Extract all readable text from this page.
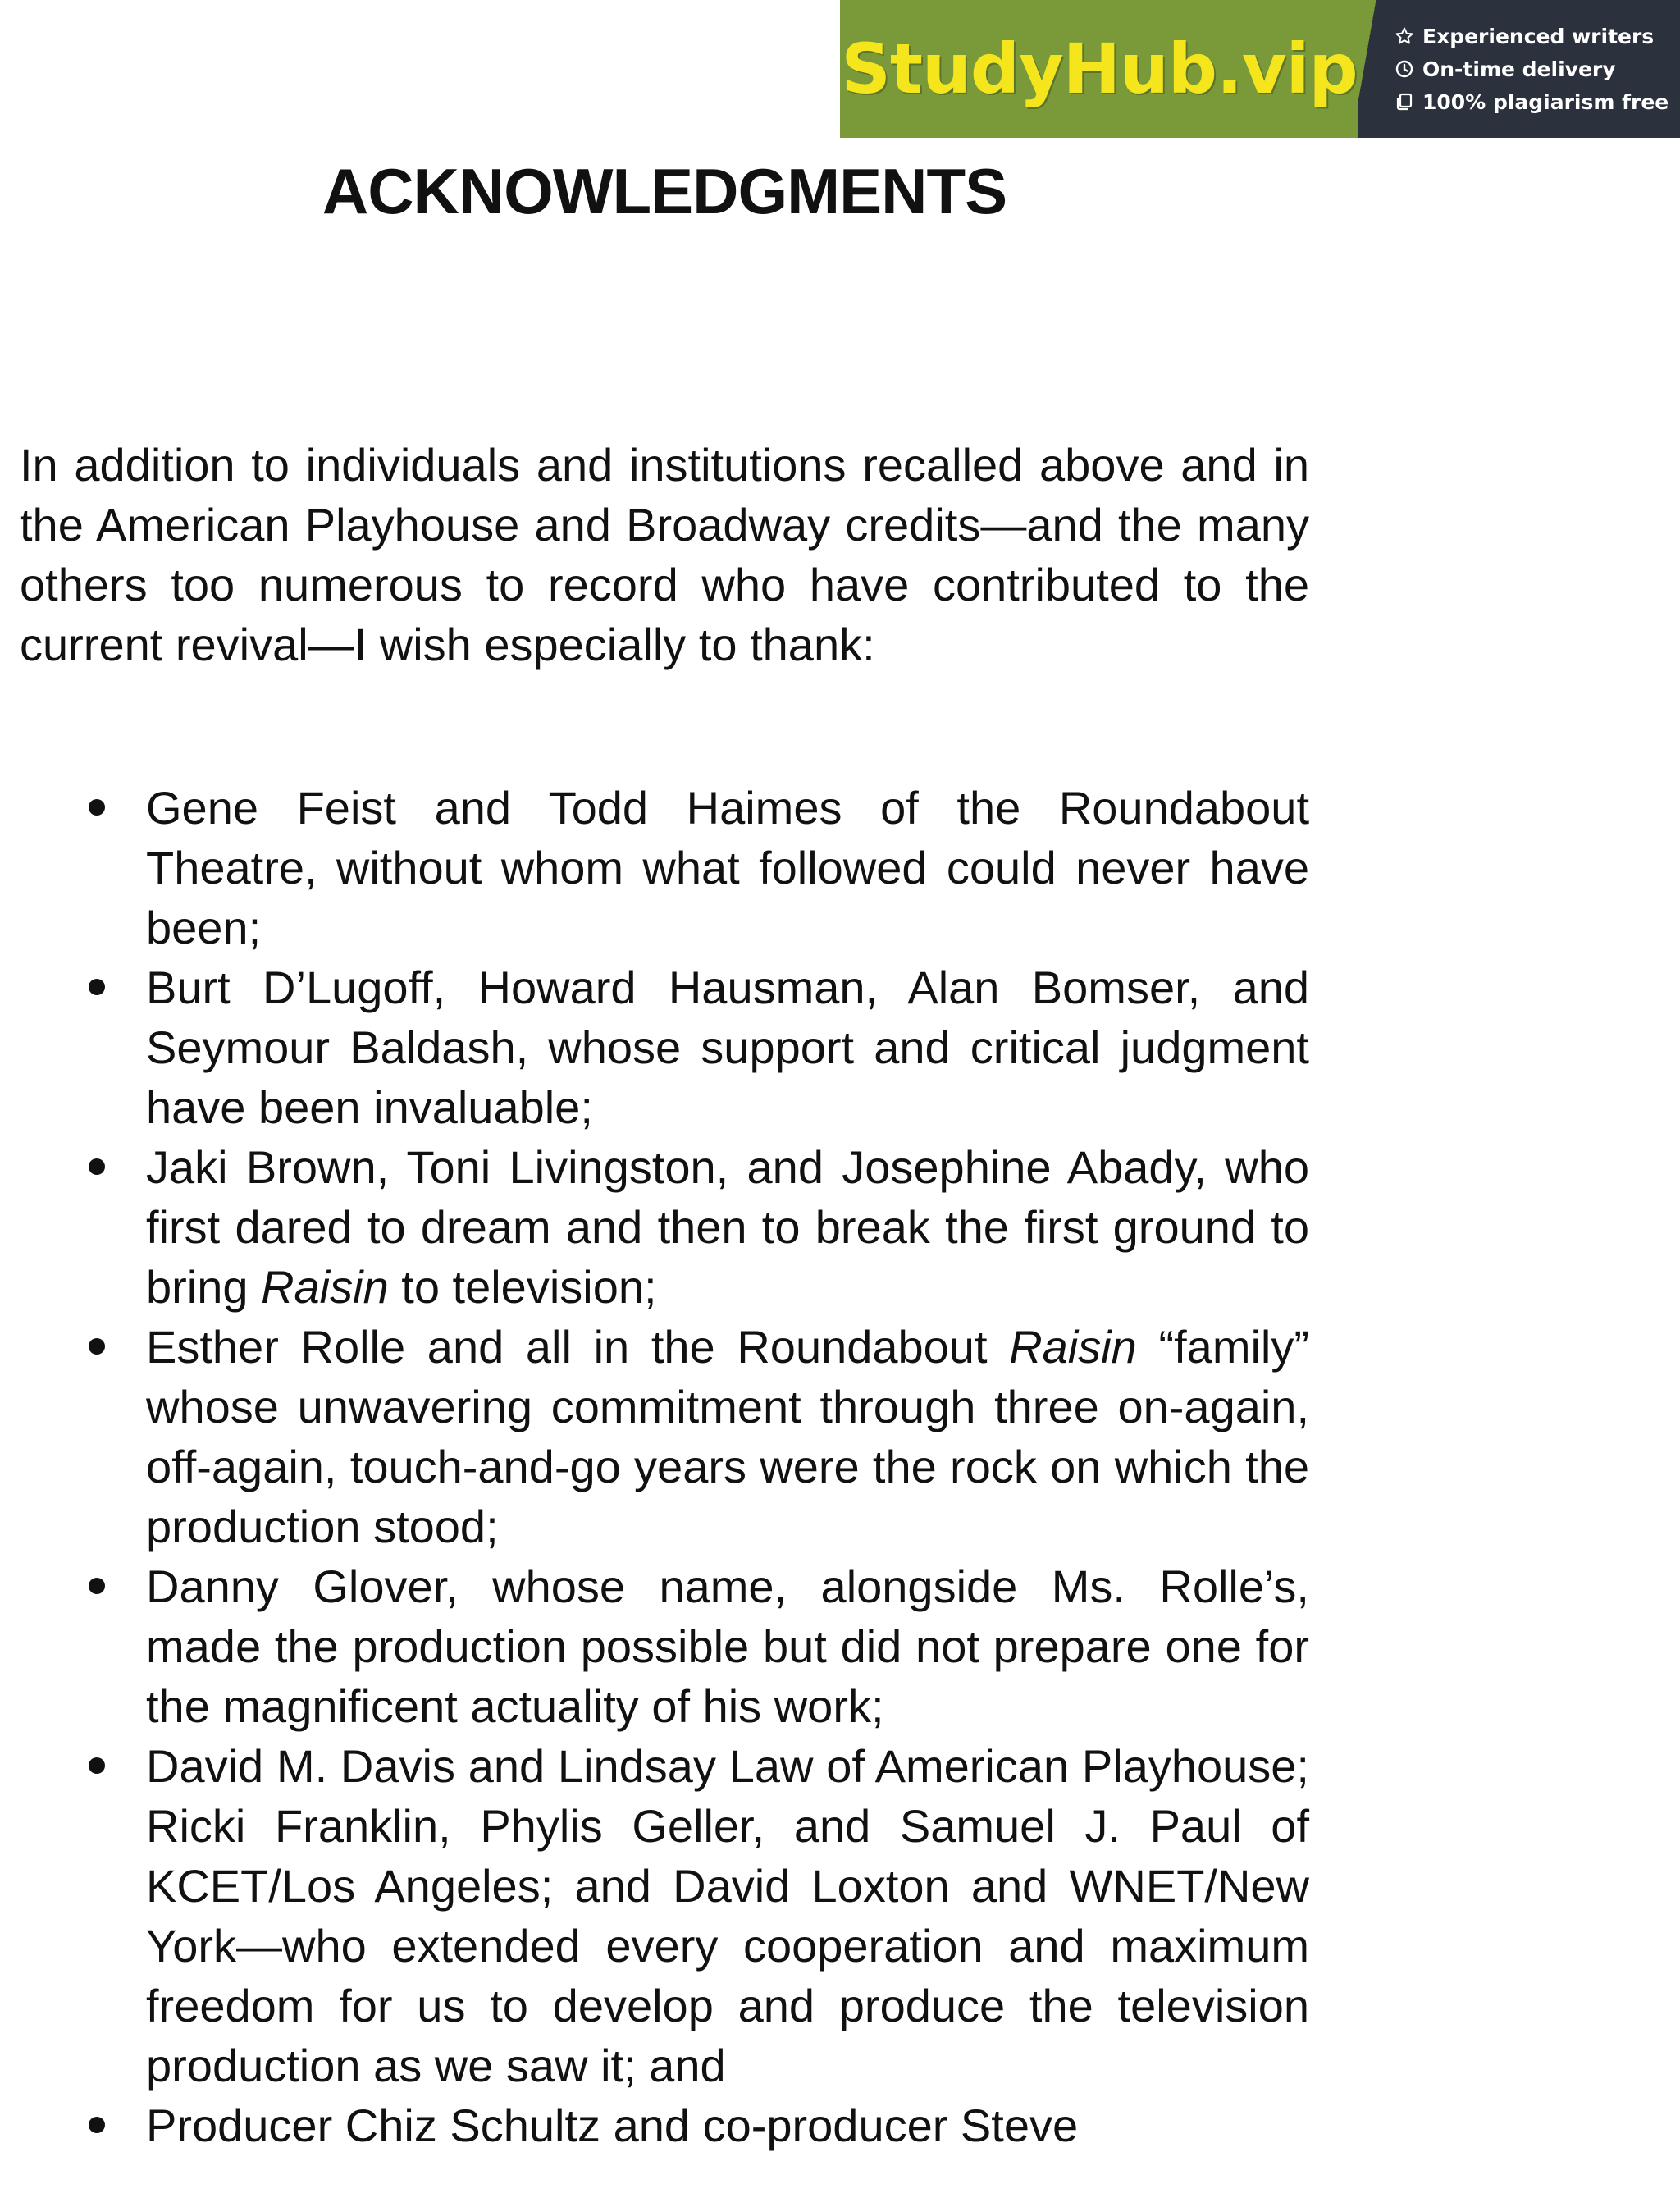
StudyHub.vip	Experienced writers
On-time delivery
100% plagiarism free
ACKNOWLEDGMENTS

In addition to individuals and institutions recalled above and in the American Playhouse and Broadway credits—and the many others too numerous to record who have contributed to the current revival—I wish especially to thank:

Gene Feist and Todd Haimes of the Roundabout Theatre, without whom what followed could never have been;
Burt D’Lugoff, Howard Hausman, Alan Bomser, and Seymour Baldash, whose support and critical judgment have been invaluable;
Jaki Brown, Toni Livingston, and Josephine Abady, who first dared to dream and then to break the first ground to bring Raisin to television;
Esther Rolle and all in the Roundabout Raisin “family” whose unwavering commitment through three on-again, off-again, touch-and-go years were the rock on which the production stood;
Danny Glover, whose name, alongside Ms. Rolle’s, made the production possible but did not prepare one for the magnificent actuality of his work;
David M. Davis and Lindsay Law of American Playhouse; Ricki Franklin, Phylis Geller, and Samuel J. Paul of KCET/Los Angeles; and David Loxton and WNET/New York—who extended every cooperation and maximum freedom for us to develop and produce the television production as we saw it; and
Producer Chiz Schultz and co-producer Steve
